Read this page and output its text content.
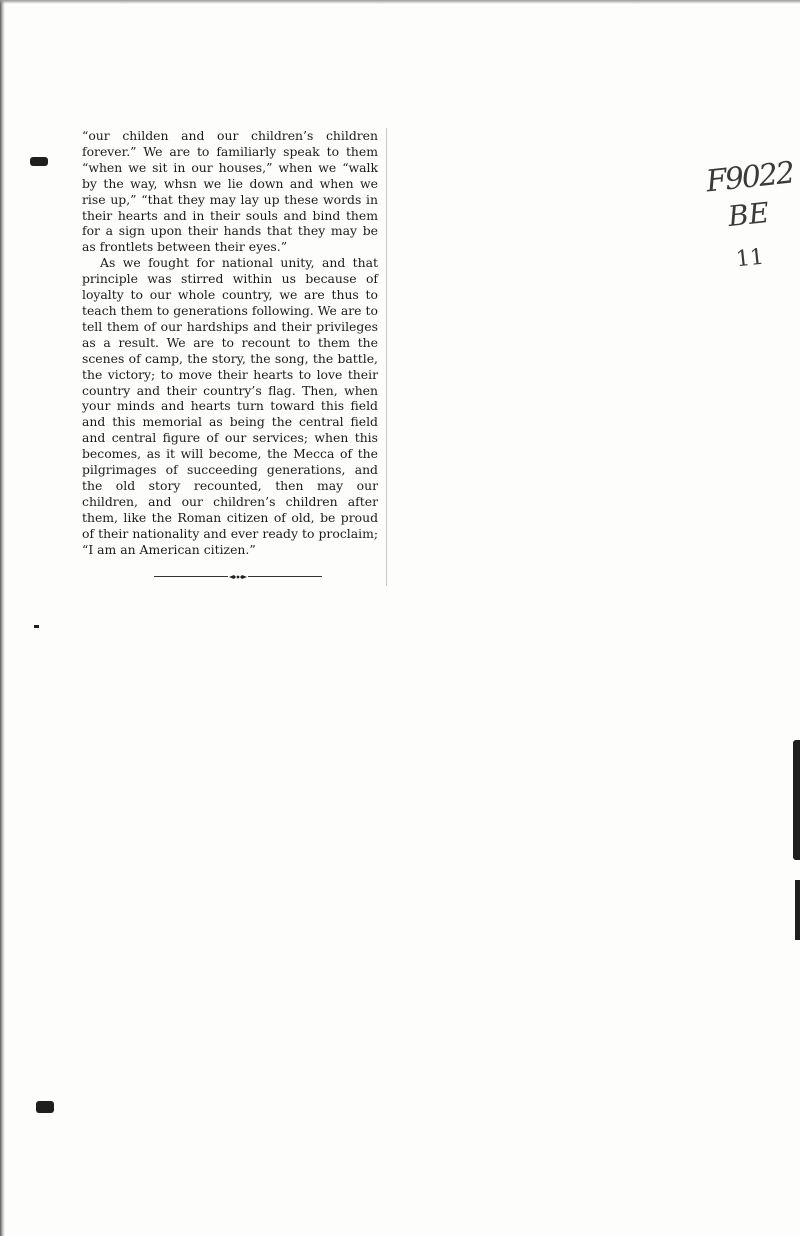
“our childen and our children’s children forever.” We are to familiarly speak to them “when we sit in our houses,” when we “walk by the way, whsn we lie down and when we rise up,” “that they may lay up these words in their hearts and in their souls and bind them for a sign upon their hands that they may be as frontlets between their eyes.”

As we fought for national unity, and that principle was stirred within us because of loyalty to our whole country, we are thus to teach them to generations following. We are to tell them of our hardships and their privileges as a result. We are to recount to them the scenes of camp, the story, the song, the battle, the victory; to move their hearts to love their country and their country’s flag. Then, when your minds and hearts turn toward this field and this memorial as being the central field and central figure of our services; when this becomes, as it will become, the Mecca of the pilgrimages of succeeding generations, and the old story recounted, then may our children, and our children’s children after them, like the Roman citizen of old, be proud of their nationality and ever ready to proclaim; “I am an American citizen.”

F9022
BE
11
